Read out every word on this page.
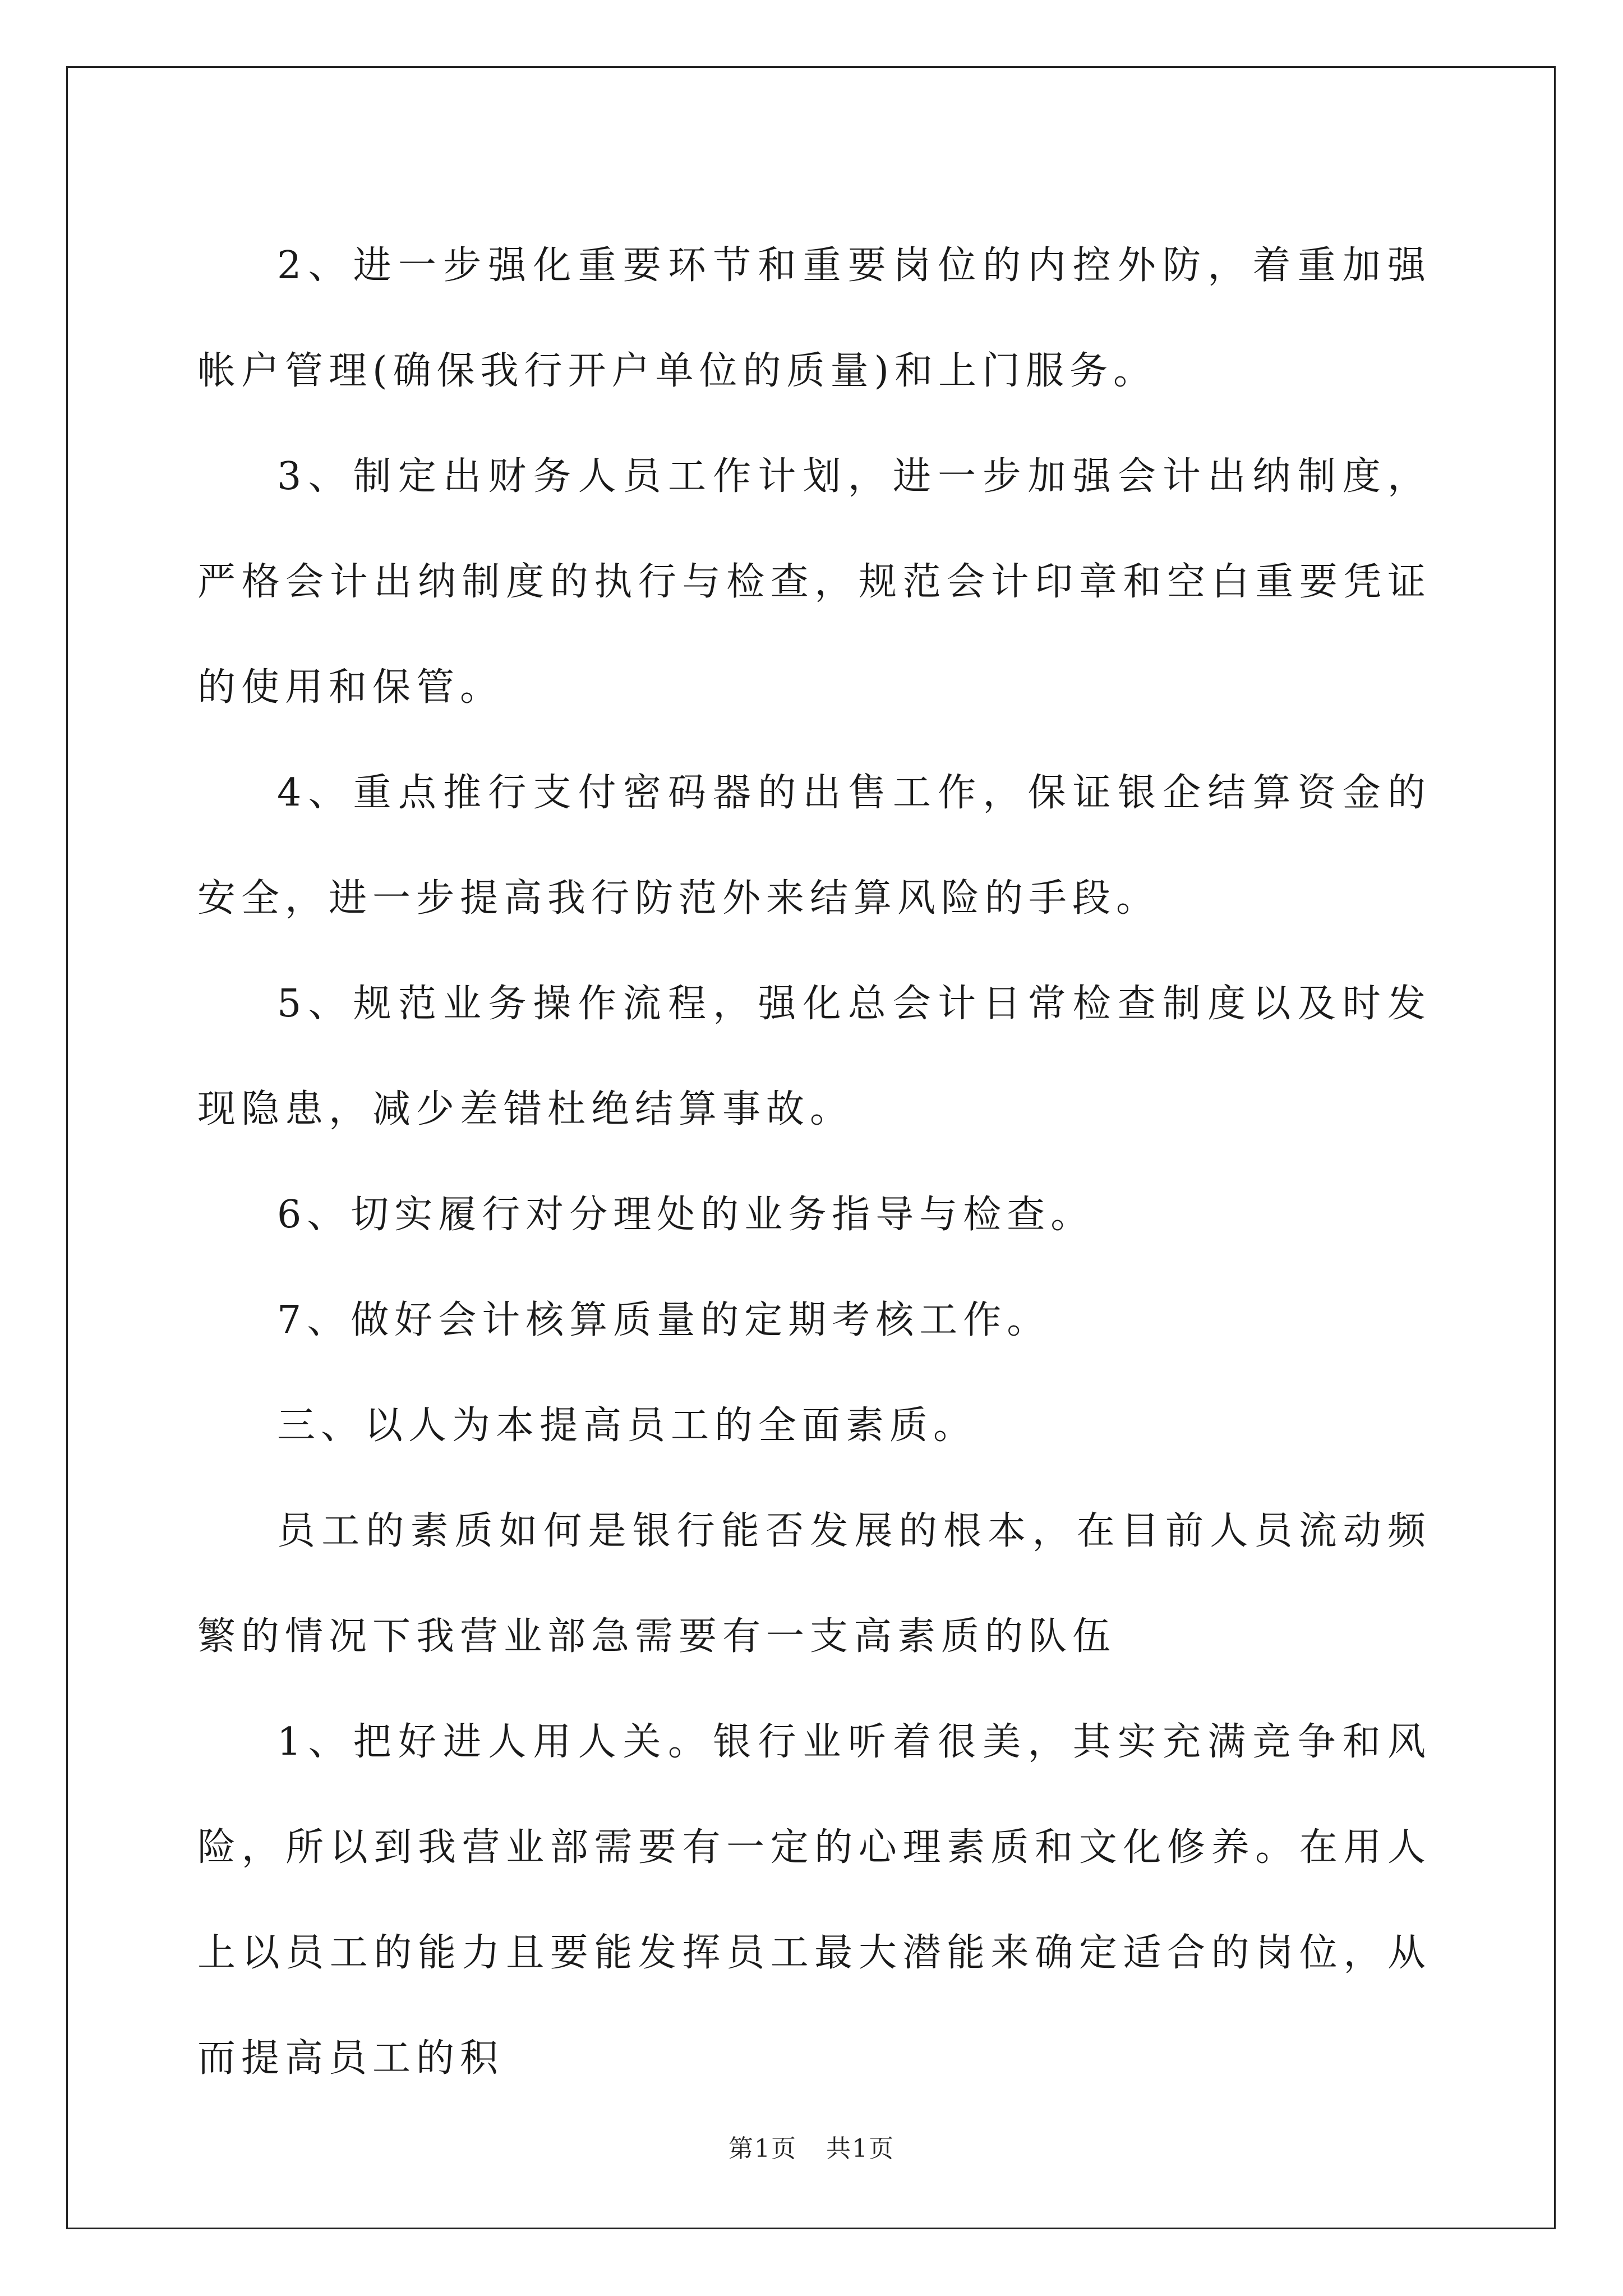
2、进一步强化重要环节和重要岗位的内控外防，着重加强帐户管理(确保我行开户单位的质量)和上门服务。

3、制定出财务人员工作计划，进一步加强会计出纳制度，严格会计出纳制度的执行与检查，规范会计印章和空白重要凭证的使用和保管。

4、重点推行支付密码器的出售工作，保证银企结算资金的安全，进一步提高我行防范外来结算风险的手段。

5、规范业务操作流程，强化总会计日常检查制度以及时发现隐患，减少差错杜绝结算事故。

6、切实履行对分理处的业务指导与检查。

7、做好会计核算质量的定期考核工作。

三、以人为本提高员工的全面素质。

员工的素质如何是银行能否发展的根本，在目前人员流动频繁的情况下我营业部急需要有一支高素质的队伍

1、把好进人用人关。银行业听着很美，其实充满竞争和风险，所以到我营业部需要有一定的心理素质和文化修养。在用人上以员工的能力且要能发挥员工最大潜能来确定适合的岗位，从而提高员工的积

第1页 共1页
